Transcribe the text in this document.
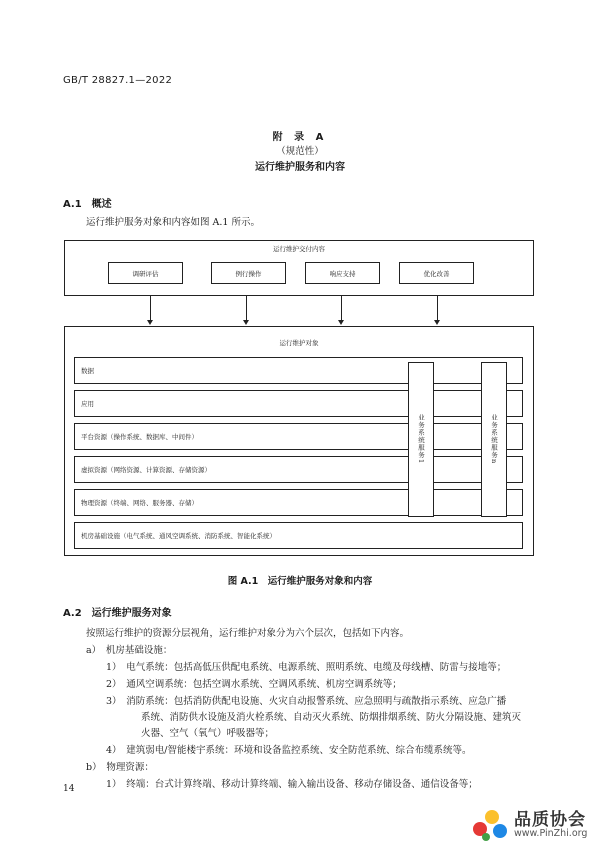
GB/T 28827.1—2022
附 录 A
（规范性）
运行维护服务和内容
A.1　概述
运行维护服务对象和内容如图 A.1 所示。
运行维护交付内容
调研评估	例行操作	响应支持	优化改善
运行维护对象
数据
应用
平台资源（操作系统、数据库、中间件）
虚拟资源（网络资源、计算资源、存储资源）
物理资源（终端、网络、服务器、存储）
机房基础设施（电气系统、通风空调系统、消防系统、智能化系统）
业务系统服务1	业务系统服务n
图 A.1　运行维护服务对象和内容
A.2　运行维护服务对象
按照运行维护的资源分层视角，运行维护对象分为六个层次，包括如下内容。
a）　机房基础设施：
1）　电气系统：包括高低压供配电系统、电源系统、照明系统、电缆及母线槽、防雷与接地等；
2）　通风空调系统：包括空调水系统、空调风系统、机房空调系统等；
3）　消防系统：包括消防供配电设施、火灾自动报警系统、应急照明与疏散指示系统、应急广播
系统、消防供水设施及消火栓系统、自动灭火系统、防烟排烟系统、防火分隔设施、建筑灭
火器、空气（氧气）呼吸器等；
4）　建筑弱电/智能楼宇系统：环境和设备监控系统、安全防范系统、综合布缆系统等。
b）　物理资源：
1）　终端：台式计算终端、移动计算终端、输入输出设备、移动存储设备、通信设备等；
14
品质协会
www.PinZhi.org
